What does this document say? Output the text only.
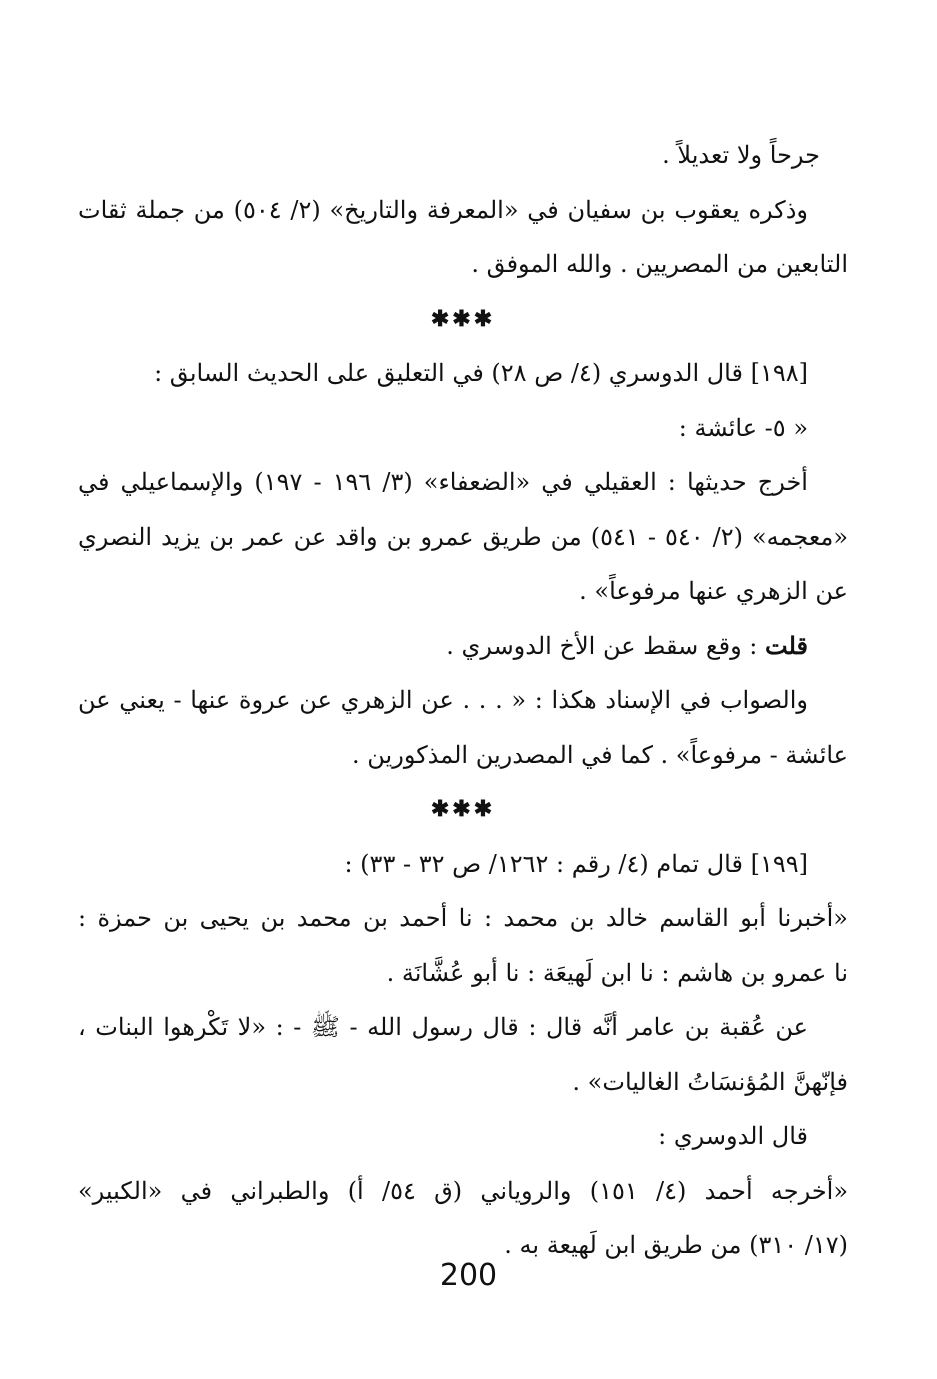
جرحاً ولا تعديلاً .
وذكره يعقوب بن سفيان في «المعرفة والتاريخ» (٢/ ٥٠٤) من جملة ثقات
التابعين من المصريين . والله الموفق .
✱✱✱
[١٩٨] قال الدوسري (٤/ ص ٢٨) في التعليق على الحديث السابق :
« ٥- عائشة :
أخرج حديثها : العقيلي في «الضعفاء» (٣/ ١٩٦ - ١٩٧) والإسماعيلي في
«معجمه» (٢/ ٥٤٠ - ٥٤١) من طريق عمرو بن واقد عن عمر بن يزيد النصري
عن الزهري عنها مرفوعاً» .
قلت : وقع سقط عن الأخ الدوسري .
والصواب في الإسناد هكذا : « . . . عن الزهري عن عروة عنها - يعني عن
عائشة - مرفوعاً» . كما في المصدرين المذكورين .
✱✱✱
[١٩٩] قال تمام (٤/ رقم : ١٢٦٢/ ص ٣٢ - ٣٣) :
«أخبرنا أبو القاسم خالد بن محمد : نا أحمد بن محمد بن يحيى بن حمزة :
نا عمرو بن هاشم : نا ابن لَهيعَة : نا أبو عُشَّانَة .
عن عُقبة بن عامر أنَّه قال : قال رسول الله - ﷺ - : «لا تَكْرهوا البنات ،
فإنّهنَّ المُؤنسَاتُ الغاليات» .
قال الدوسري :
«أخرجه أحمد (٤/ ١٥١) والروياني (ق ٥٤/ أ) والطبراني في «الكبير»
(١٧/ ٣١٠) من طريق ابن لَهيعة به .
200
